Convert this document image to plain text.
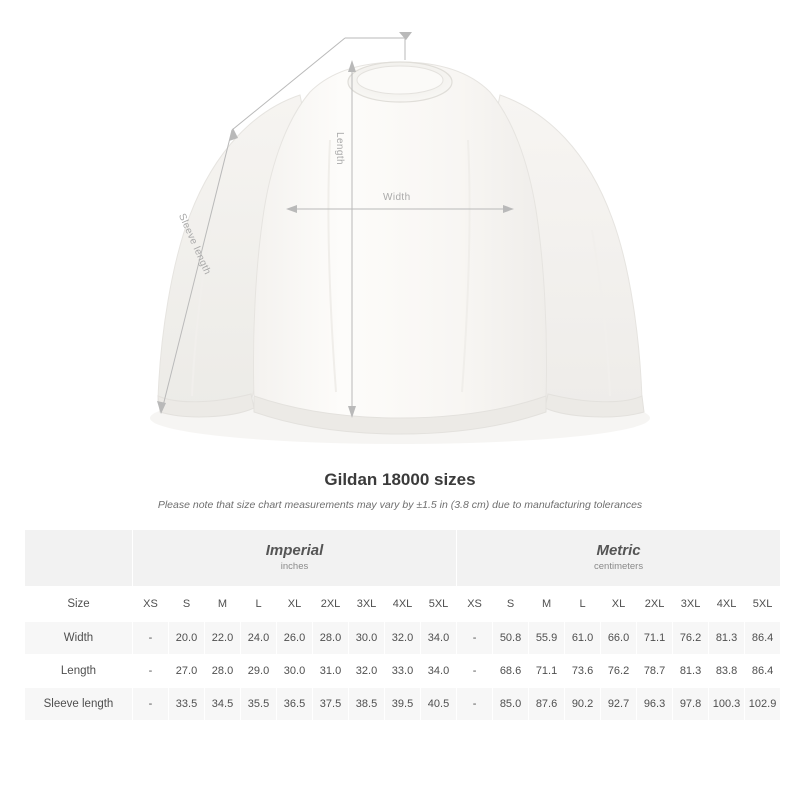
Length
Width
Sleeve length
Gildan 18000 sizes
Please note that size chart measurements may vary by ±1.5 in (3.8 cm) due to manufacturing tolerances

	Imperial
inches									Metric
centimeters								

Size	XS	S	M	L	XL	2XL	3XL	4XL	5XL	XS	S	M	L	XL	2XL	3XL	4XL	5XL
Width	-	20.0	22.0	24.0	26.0	28.0	30.0	32.0	34.0	-	50.8	55.9	61.0	66.0	71.1	76.2	81.3	86.4
Length	-	27.0	28.0	29.0	30.0	31.0	32.0	33.0	34.0	-	68.6	71.1	73.6	76.2	78.7	81.3	83.8	86.4
Sleeve length	-	33.5	34.5	35.5	36.5	37.5	38.5	39.5	40.5	-	85.0	87.6	90.2	92.7	96.3	97.8	100.3	102.9
